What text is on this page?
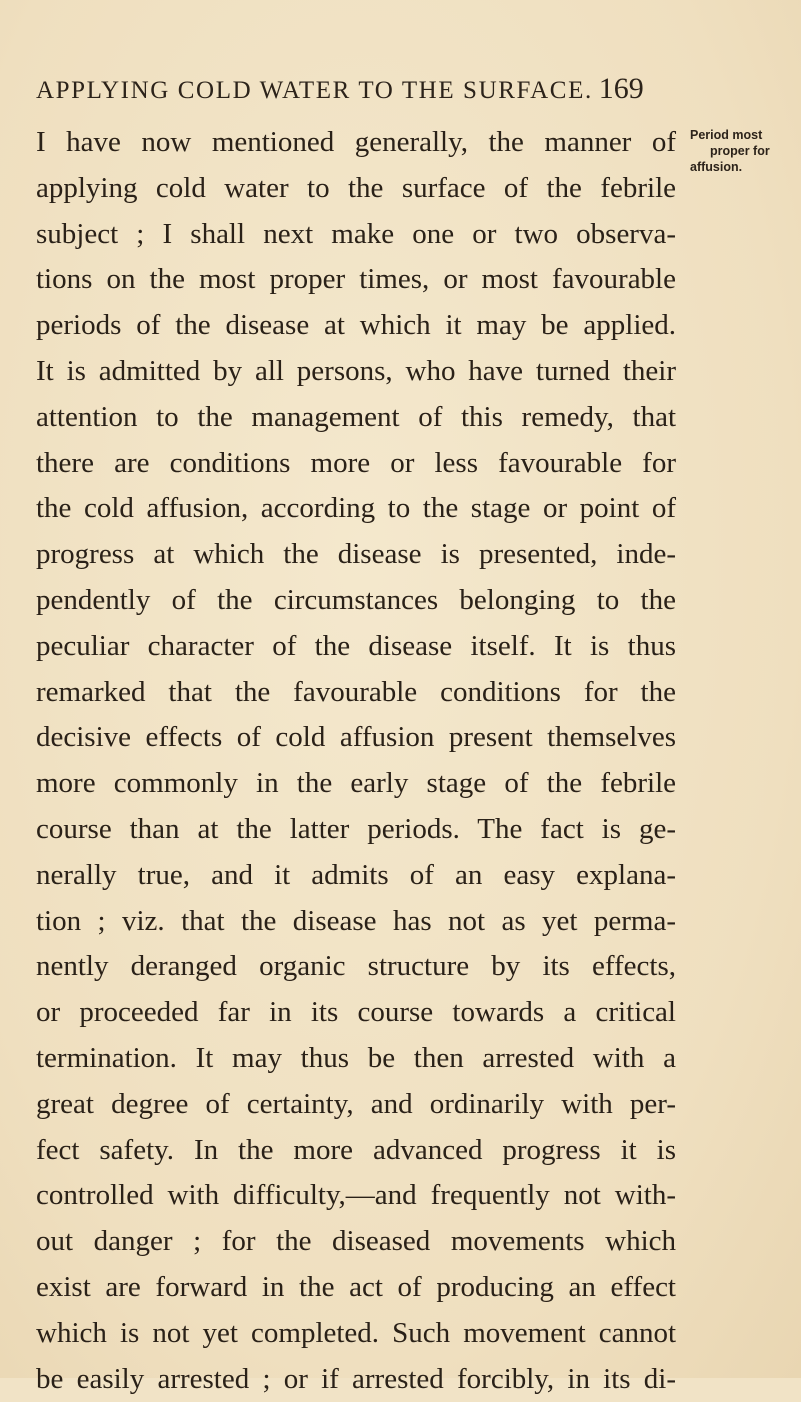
APPLYING COLD WATER TO THE SURFACE. 169
Period most
proper for
affusion.
I have now mentioned generally, the manner of
applying cold water to the surface of the febrile
subject ; I shall next make one or two observa-
tions on the most proper times, or most favourable
periods of the disease at which it may be applied.
It is admitted by all persons, who have turned their
attention to the management of this remedy, that
there are conditions more or less favourable for
the cold affusion, according to the stage or point of
progress at which the disease is presented, inde-
pendently of the circumstances belonging to the
peculiar character of the disease itself. It is thus
remarked that the favourable conditions for the
decisive effects of cold affusion present themselves
more commonly in the early stage of the febrile
course than at the latter periods. The fact is ge-
nerally true, and it admits of an easy explana-
tion ; viz. that the disease has not as yet perma-
nently deranged organic structure by its effects,
or proceeded far in its course towards a critical
termination. It may thus be then arrested with a
great degree of certainty, and ordinarily with per-
fect safety. In the more advanced progress it is
controlled with difficulty,—and frequently not with-
out danger ; for the diseased movements which
exist are forward in the act of producing an effect
which is not yet completed. Such movement cannot
be easily arrested ; or if arrested forcibly, in its di-
